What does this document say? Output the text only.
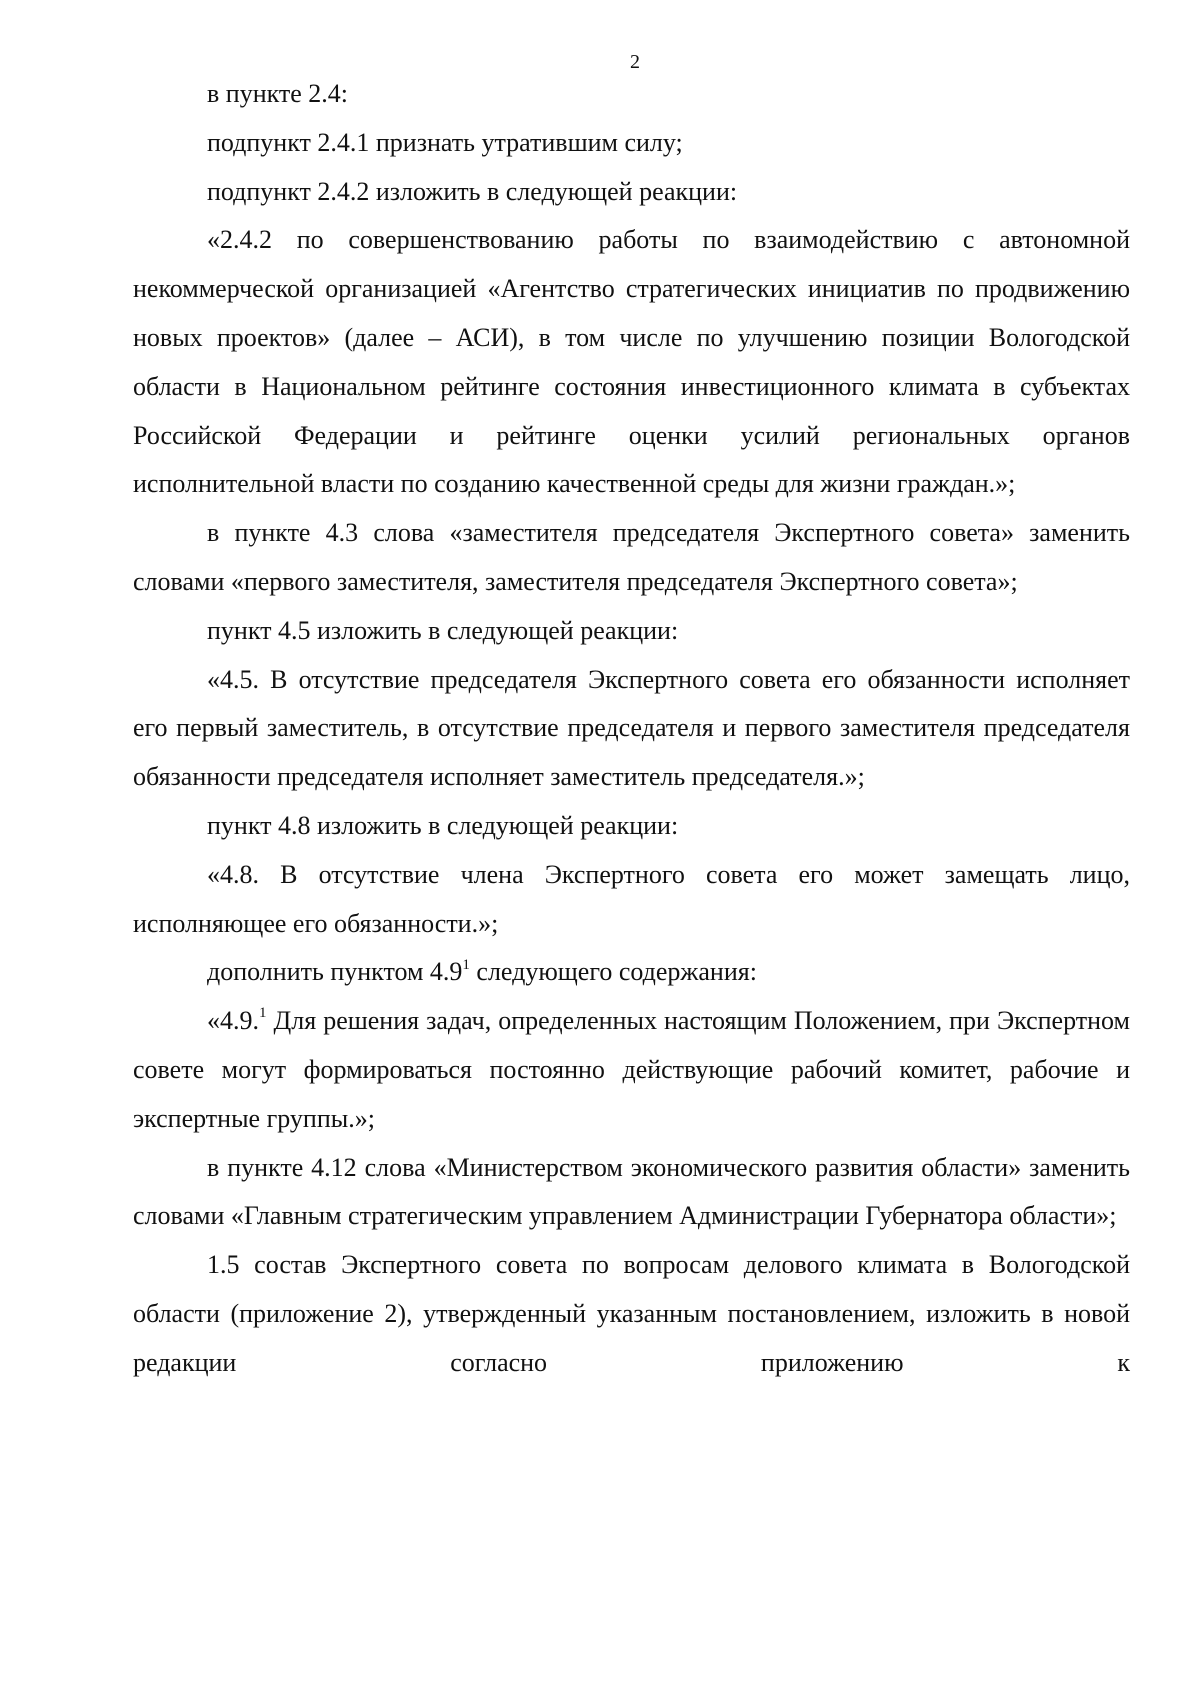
2

в пункте 2.4:

подпункт 2.4.1 признать утратившим силу;

подпункт 2.4.2 изложить в следующей реакции:

«2.4.2 по совершенствованию работы по взаимодействию с автономной некоммерческой организацией «Агентство стратегических инициатив по продвижению новых проектов» (далее – АСИ), в том числе по улучшению позиции Вологодской области в Национальном рейтинге состояния инвестиционного климата в субъектах Российской Федерации и рейтинге оценки усилий региональных органов исполнительной власти по созданию качественной среды для жизни граждан.»;

в пункте 4.3 слова «заместителя председателя Экспертного совета» заменить словами «первого заместителя, заместителя председателя Экспертного совета»;

пункт 4.5 изложить в следующей реакции:

«4.5. В отсутствие председателя Экспертного совета его обязанности исполняет его первый заместитель, в отсутствие председателя и первого заместителя председателя обязанности председателя исполняет заместитель председателя.»;

пункт 4.8 изложить в следующей реакции:

«4.8. В отсутствие члена Экспертного совета его может замещать лицо, исполняющее его обязанности.»;

дополнить пунктом $4.9^1$ следующего содержания:

«4.9.$^1$ Для решения задач, определенных настоящим Положением, при Экспертном совете могут формироваться постоянно действующие рабочий комитет, рабочие и экспертные группы.»;

в пункте 4.12 слова «Министерством экономического развития области» заменить словами «Главным стратегическим управлением Администрации Губернатора области»;

1.5 состав Экспертного совета по вопросам делового климата в Вологодской области (приложение 2), утвержденный указанным постановлением, изложить в новой редакции согласно приложению к
